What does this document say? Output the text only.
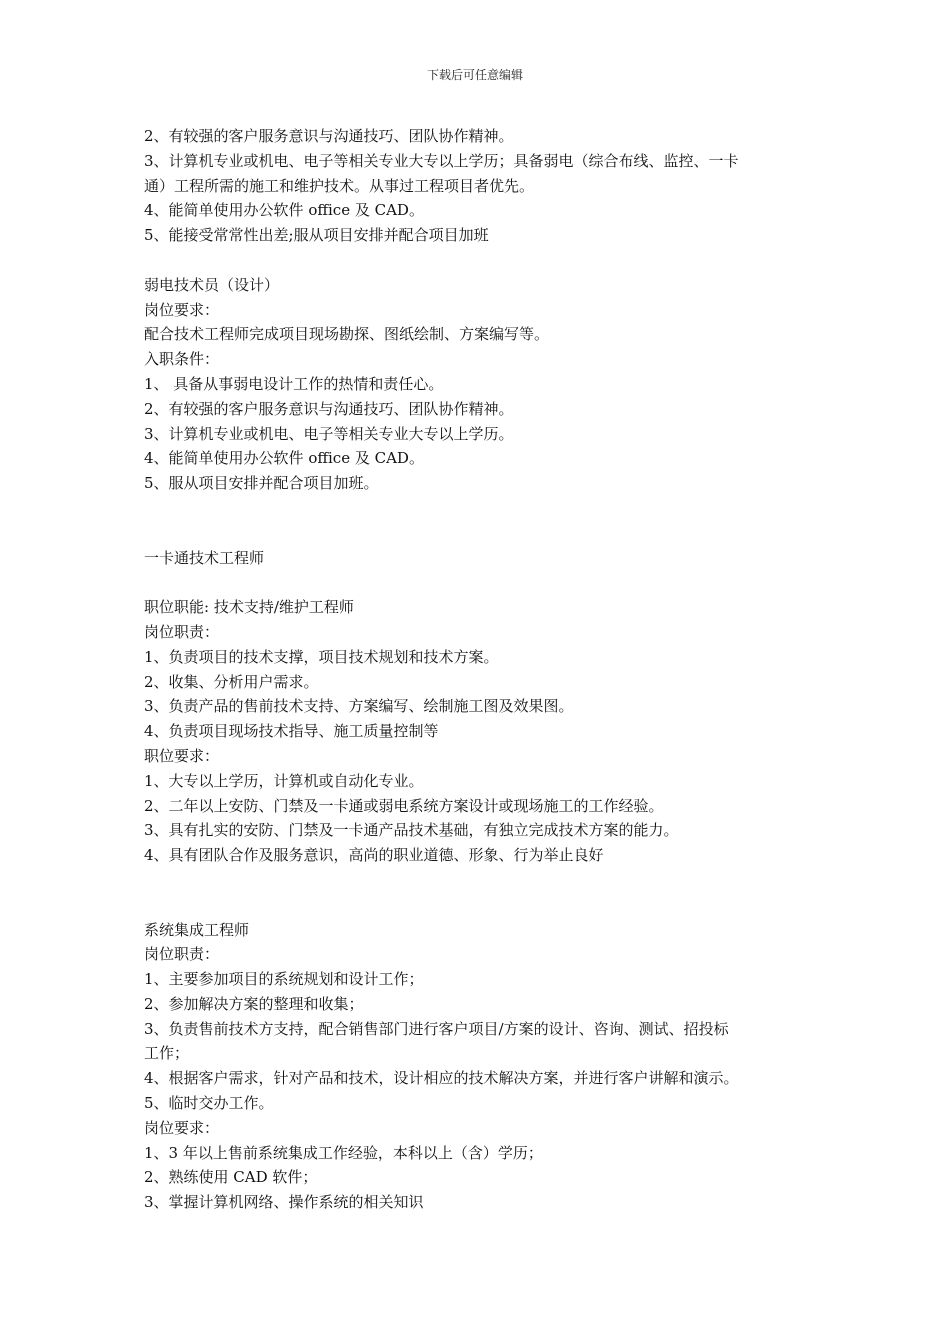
下载后可任意编辑
2、有较强的客户服务意识与沟通技巧、团队协作精神。
3、计算机专业或机电、电子等相关专业大专以上学历；具备弱电（综合布线、监控、一卡
通）工程所需的施工和维护技术。从事过工程项目者优先。
4、能简单使用办公软件 office 及 CAD。
5、能接受常常性出差;服从项目安排并配合项目加班
弱电技术员（设计）
岗位要求：
配合技术工程师完成项目现场勘探、图纸绘制、方案编写等。
入职条件：
1、 具备从事弱电设计工作的热情和责任心。
2、有较强的客户服务意识与沟通技巧、团队协作精神。
3、计算机专业或机电、电子等相关专业大专以上学历。
4、能简单使用办公软件 office 及 CAD。
5、服从项目安排并配合项目加班。
一卡通技术工程师
职位职能: 技术支持/维护工程师
岗位职责：
1、负责项目的技术支撑，项目技术规划和技术方案。
2、收集、分析用户需求。
3、负责产品的售前技术支持、方案编写、绘制施工图及效果图。
4、负责项目现场技术指导、施工质量控制等
职位要求：
1、大专以上学历，计算机或自动化专业。
2、二年以上安防、门禁及一卡通或弱电系统方案设计或现场施工的工作经验。
3、具有扎实的安防、门禁及一卡通产品技术基础，有独立完成技术方案的能力。
4、具有团队合作及服务意识，高尚的职业道德、形象、行为举止良好
系统集成工程师
岗位职责：
1、主要参加项目的系统规划和设计工作；
2、参加解决方案的整理和收集；
3、负责售前技术方支持，配合销售部门进行客户项目/方案的设计、咨询、测试、招投标
工作；
4、根据客户需求，针对产品和技术，设计相应的技术解决方案，并进行客户讲解和演示。
5、临时交办工作。
岗位要求：
1、3 年以上售前系统集成工作经验，本科以上（含）学历；
2、熟练使用 CAD 软件；
3、掌握计算机网络、操作系统的相关知识
